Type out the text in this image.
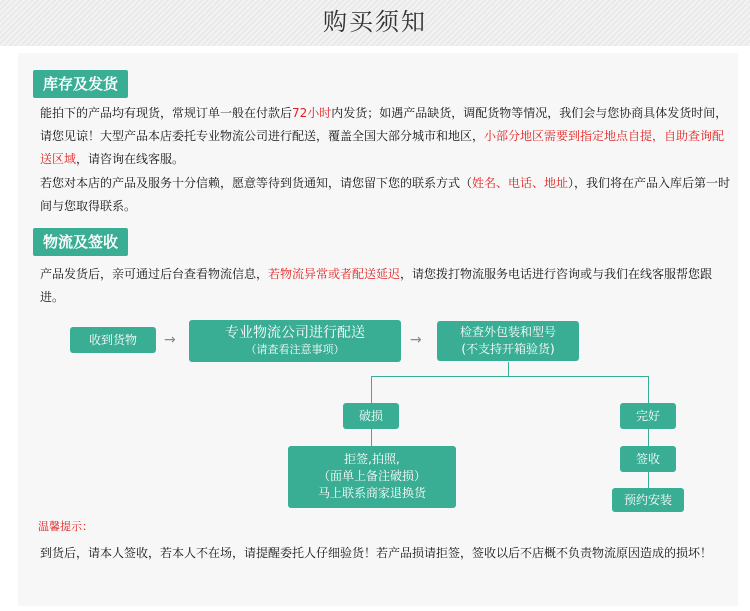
购买须知
库存及发货
能拍下的产品均有现货，常规订单一般在付款后72小时内发货；如遇产品缺货，调配货物等情况，我们会与您协商具体发货时间，请您见谅！大型产品本店委托专业物流公司进行配送，覆盖全国大部分城市和地区，小部分地区需要到指定地点自提，自助查询配送区域，请咨询在线客服。
若您对本店的产品及服务十分信赖，愿意等待到货通知，请您留下您的联系方式（姓名、电话、地址），我们将在产品入库后第一时间与您取得联系。
物流及签收
产品发货后，亲可通过后台查看物流信息，若物流异常或者配送延迟，请您拨打物流服务电话进行咨询或与我们在线客服帮您跟进。
收到货物	→	专业物流公司进行配送
（请查看注意事项）
→	检查外包装和型号
(不支持开箱验货)
破损	完好
拒签,拍照,
（面单上备注破损）
马上联系商家退换货
签收
预约安装
温馨提示：
到货后，请本人签收，若本人不在场，请提醒委托人仔细验货！若产品损请拒签，签收以后不店概不负责物流原因造成的损坏！
